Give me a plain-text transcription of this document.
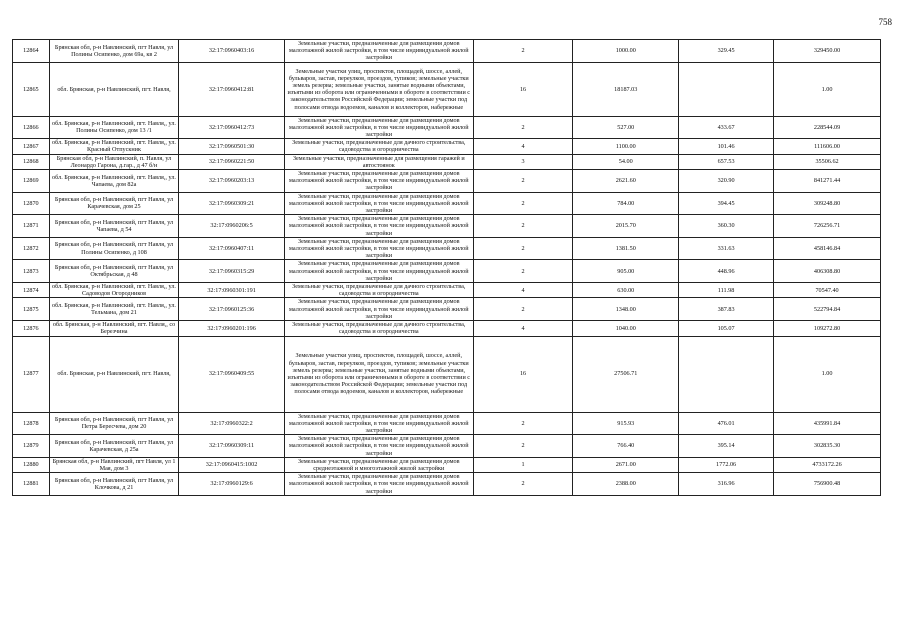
758
12864	Брянская обл, р-н Навлинский, пгт Навля, ул Полины Осипенко, дом 69а, кв 2	32:17:0960403:16	Земельные участки, предназначенные для размещения домов малоэтажной жилой застройки, в том числе индивидуальной жилой застройки	2	1000.00	329.45	329450.00
12865	обл. Брянская, р-н Навлинский, пгт. Навля,	32:17:0960412:81	Земельные участки улиц, проспектов, площадей, шоссе, аллей, бульваров, застав, переулков, проездов, тупиков; земельные участки земель резерва; земельные участки, занятые водными объектами, изъятыми из оборота или ограниченными в обороте в соответствии с законодательством Российской Федерации; земельные участки под полосами отвода водоемов, каналов и коллекторов, набережные	16	18187.03		1.00
12866	обл. Брянская, р-н Навлинский, пгт. Навля,, ул. Полины Осипенко, дом 13 /1	32:17:0960412:73	Земельные участки, предназначенные для размещения домов малоэтажной жилой застройки, в том числе индивидуальной жилой застройки	2	527.00	433.67	228544.09
12867	обл. Брянская, р-н Навлинский, пгт. Навля,, ул. Красный Отпускник	32:17:0960501:30	Земельные участки, предназначенные для дачного строительства, садоводства и огородничества	4	1100.00	101.46	111606.00
12868	Брянская обл, р-н Навлинский, п. Навля, ул Леонардо Гарона, д.гар., д 47 б/н	32:17:0960221:50	Земельные участки, предназначенные для размещения гаражей и автостоянок	3	54.00	657.53	35506.62
12869	обл. Брянская, р-н Навлинский, пгт. Навля,, ул. Чапаева, дом 82а	32:17:0960203:13	Земельные участки, предназначенные для размещения домов малоэтажной жилой застройки, в том числе индивидуальной жилой застройки	2	2621.60	320.90	841271.44
12870	Брянская обл, р-н Навлинский, пгт Навля, ул Карачевская, дом 25	32:17:0960309:21	Земельные участки, предназначенные для размещения домов малоэтажной жилой застройки, в том числе индивидуальной жилой застройки	2	784.00	394.45	309248.80
12871	Брянская обл, р-н Навлинский, пгт Навля, ул Чапаева, д 54	32:17:0960206:5	Земельные участки, предназначенные для размещения домов малоэтажной жилой застройки, в том числе индивидуальной жилой застройки	2	2015.70	360.30	726256.71
12872	Брянская обл, р-н Навлинский, пгт Навля, ул Полины Осипенко, д 108	32:17:0960407:11	Земельные участки, предназначенные для размещения домов малоэтажной жилой застройки, в том числе индивидуальной жилой застройки	2	1381.50	331.63	458146.84
12873	Брянская обл, р-н Навлинский, пгт Навля, ул Октябрьская, д 48	32:17:0960315:29	Земельные участки, предназначенные для размещения домов малоэтажной жилой застройки, в том числе индивидуальной жилой застройки	2	905.00	448.96	406308.80
12874	обл. Брянская, р-н Навлинский, пгт. Навля,, ул. Садоводов Огородников	32:17:0960301:191	Земельные участки, предназначенные для дачного строительства, садоводства и огородничества	4	630.00	111.98	70547.40
12875	обл. Брянская, р-н Навлинский, пгт. Навля,, ул. Тельмана, дом 21	32:17:0960125:36	Земельные участки, предназначенные для размещения домов малоэтажной жилой застройки, в том числе индивидуальной жилой застройки	2	1348.00	387.83	522794.84
12876	обл. Брянская, р-н Навлинский, пгт. Навля,, со Березчина	32:17:0960201:196	Земельные участки, предназначенные для дачного строительства, садоводства и огородничества	4	1040.00	105.07	109272.80
12877	обл. Брянская, р-н Навлинский, пгт. Навля,	32:17:0960409:55	Земельные участки улиц, проспектов, площадей, шоссе, аллей, бульваров, застав, переулков, проездов, тупиков; земельные участки земель резерва; земельные участки, занятые водными объектами, изъятыми из оборота или ограниченными в обороте в соответствии с законодательством Российской Федерации; земельные участки под полосами отвода водоемов, каналов и коллекторов, набережные	16	27506.71		1.00
12878	Брянская обл, р-н Навлинский, пгт Навля, ул Петра Бересчева, дом 20	32:17:0960322:2	Земельные участки, предназначенные для размещения домов малоэтажной жилой застройки, в том числе индивидуальной жилой застройки	2	915.93	476.01	435991.84
12879	Брянская обл, р-н Навлинский, пгт Навля, ул Карачевская, д 25а	32:17:0960309:11	Земельные участки, предназначенные для размещения домов малоэтажной жилой застройки, в том числе индивидуальной жилой застройки	2	766.40	395.14	302835.30
12880	Брянская обл, р-н Навлинский, пгт Навля, ул 1 Мая, дом 3	32:17:0960415:1002	Земельные участки, предназначенные для размещения домов среднеэтажной и многоэтажной жилой застройки	1	2671.00	1772.06	4733172.26
12881	Брянская обл, р-н Навлинский, пгт Навля, ул Клочкова, д 21	32:17:0960129:6	Земельные участки, предназначенные для размещения домов малоэтажной жилой застройки, в том числе индивидуальной жилой застройки	2	2388.00	316.96	756900.48
